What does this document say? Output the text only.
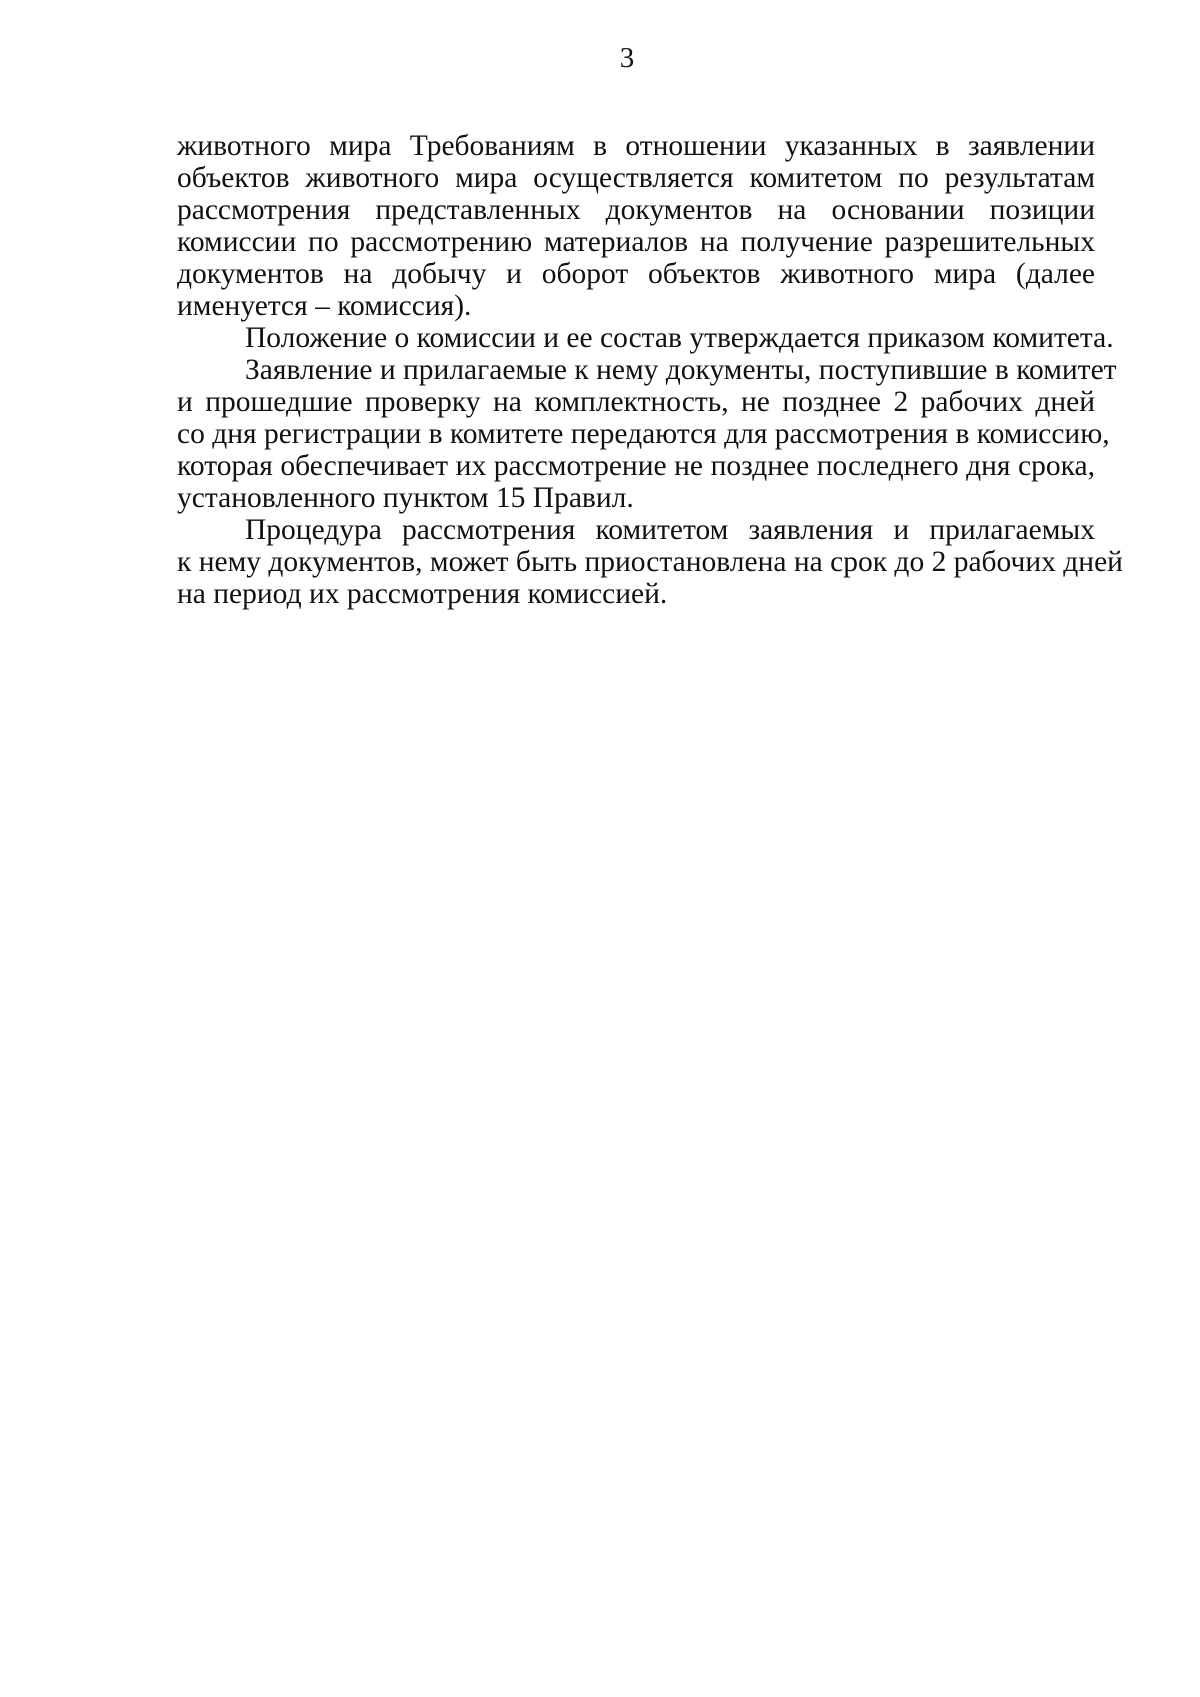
3

животного мира Требованиям в отношении указанных в заявлении
объектов животного мира осуществляется комитетом по результатам
рассмотрения представленных документов на основании позиции
комиссии по рассмотрению материалов на получение разрешительных
документов на добычу и оборот объектов животного мира (далее
именуется – комиссия).

Положение о комиссии и ее состав утверждается приказом комитета.

Заявление и прилагаемые к нему документы, поступившие в комитет
и прошедшие проверку на комплектность, не позднее 2 рабочих дней
со дня регистрации в комитете передаются для рассмотрения в комиссию,
которая обеспечивает их рассмотрение не позднее последнего дня срока,
установленного пунктом 15 Правил.

Процедура рассмотрения комитетом заявления и прилагаемых
к нему документов, может быть приостановлена на срок до 2 рабочих дней
на период их рассмотрения комиссией.
